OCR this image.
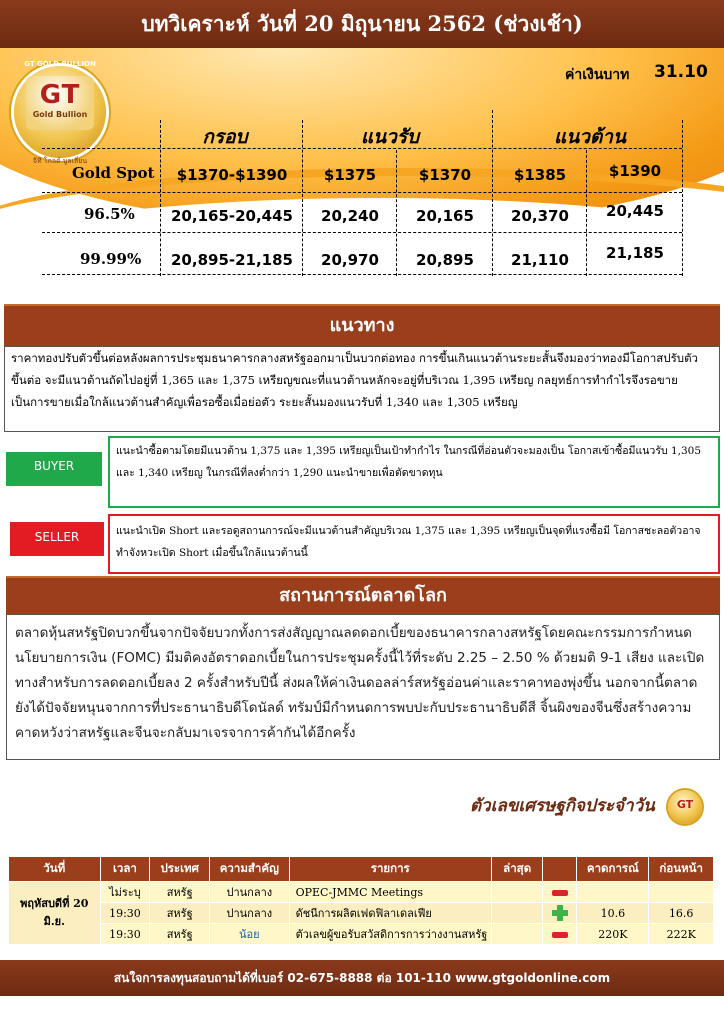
บทวิเคราะห์ วันที่ 20 มิถุนายน 2562 (ช่วงเช้า)
GT GOLD BULLION
GT
Gold Bullion
จีที โกลด์ บูลเลี่ยน
ค่าเงินบาท 31.10
กรอบ	แนวรับ	แนวต้าน
Gold Spot	$1370-$1390	$1375	$1370	$1385	$1390
96.5%	20,165-20,445	20,240	20,165	20,370	20,445
99.99%	20,895-21,185	20,970	20,895	21,110	21,185
แนวทาง
ราคาทองปรับตัวขึ้นต่อหลังผลการประชุมธนาคารกลางสหรัฐออกมาเป็นบวกต่อทอง การขึ้นเกินแนวต้านระยะสั้นจึงมองว่าทองมีโอกาสปรับตัวขึ้นต่อ จะมีแนวต้านถัดไปอยู่ที่ 1,365 และ 1,375 เหรียญขณะที่แนวต้านหลักจะอยู่ที่บริเวณ 1,395 เหรียญ กลยุทธ์การทำกำไรจึงรอขายเป็นการขายเมื่อใกล้แนวต้านสำคัญเพื่อรอซื้อเมื่อย่อตัว ระยะสั้นมองแนวรับที่ 1,340 และ 1,305 เหรียญ
BUYER
แนะนำซื้อตามโดยมีแนวต้าน 1,375 และ 1,395 เหรียญเป็นเป้าทำกำไร ในกรณีที่อ่อนตัวจะมองเป็น โอกาสเข้าซื้อมีแนวรับ 1,305 และ 1,340 เหรียญ ในกรณีที่ลงต่ำกว่า 1,290 แนะนำขายเพื่อตัดขาดทุน
SELLER	แนะนำเปิด Short และรอดูสถานการณ์จะมีแนวต้านสำคัญบริเวณ 1,375 และ 1,395 เหรียญเป็นจุดที่แรงซื้อมี โอกาสชะลอตัวอาจทำจังหวะเปิด Short เมื่อขึ้นใกล้แนวต้านนี้
สถานการณ์ตลาดโลก
ตลาดหุ้นสหรัฐปิดบวกขึ้นจากปัจจัยบวกทั้งการส่งสัญญาณลดดอกเบี้ยของธนาคารกลางสหรัฐโดยคณะกรรมการกำหนดนโยบายการเงิน (FOMC) มีมติคงอัตราดอกเบี้ยในการประชุมครั้งนี้ไว้ที่ระดับ 2.25 – 2.50 % ด้วยมติ 9-1 เสียง และเปิดทางสำหรับการลดดอกเบี้ยลง 2 ครั้งสำหรับปีนี้ ส่งผลให้ค่าเงินดอลล่าร์สหรัฐอ่อนค่าและราคาทองพุ่งขึ้น นอกจากนี้ตลาดยังได้ปัจจัยหนุนจากการที่ประธานาธิบดีโดนัลด์ ทรัมป์มีกำหนดการพบปะกับประธานาธิบดีสี จิ้นผิงของจีนซึ่งสร้างความคาดหวังว่าสหรัฐและจีนจะกลับมาเจรจาการค้ากันได้อีกครั้ง
ตัวเลขเศรษฐกิจประจำวัน	GT
วันที่	เวลา	ประเทศ	ความสำคัญ	รายการ	ล่าสุด		คาดการณ์	ก่อนหน้า
พฤหัสบดีที่ 20 มิ.ย.	ไม่ระบุ	สหรัฐ	ปานกลาง	OPEC-JMMC Meetings				
	19:30	สหรัฐ	ปานกลาง	ดัชนีการผลิตเฟดฟิลาเดลเฟีย			10.6	16.6
	19:30	สหรัฐ	น้อย	ตัวเลขผู้ขอรับสวัสดิการการว่างงานสหรัฐ			220K	222K
สนใจการลงทุนสอบถามได้ที่เบอร์ 02-675-8888 ต่อ 101-110 www.gtgoldonline.com
